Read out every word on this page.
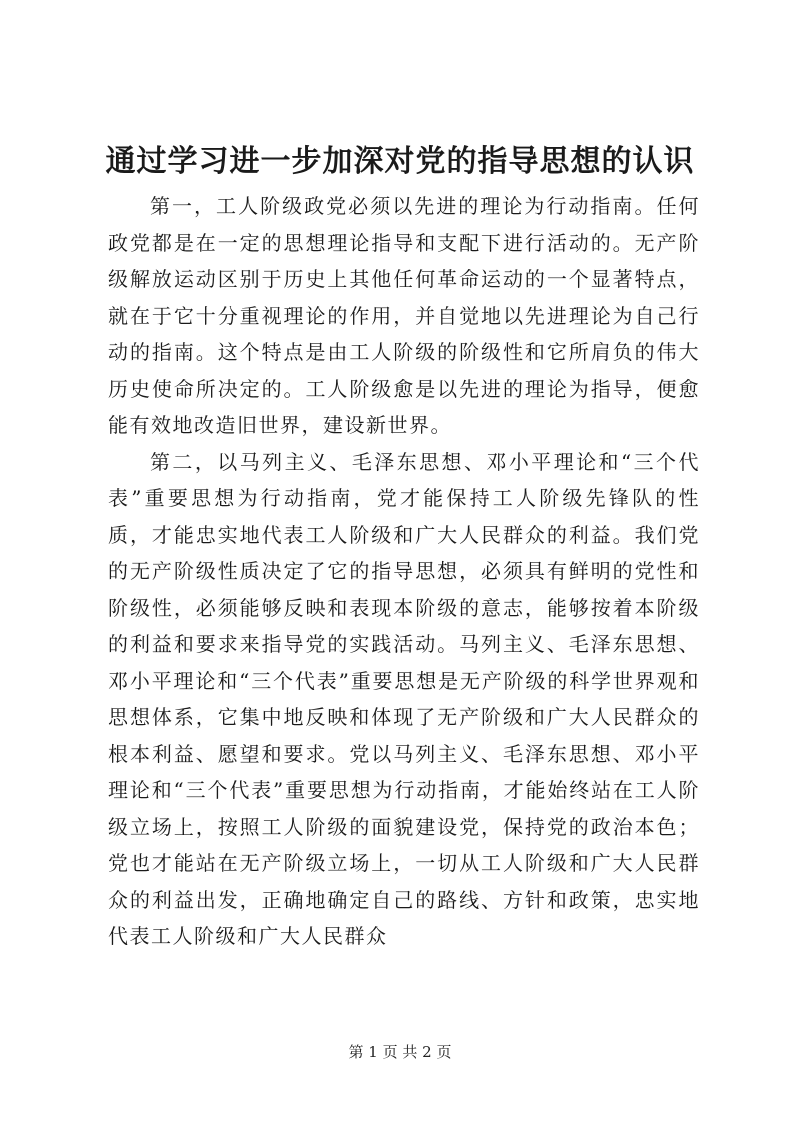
通过学习进一步加深对党的指导思想的认识

第一，工人阶级政党必须以先进的理论为行动指南。任何政党都是在一定的思想理论指导和支配下进行活动的。无产阶级解放运动区别于历史上其他任何革命运动的一个显著特点，就在于它十分重视理论的作用，并自觉地以先进理论为自己行动的指南。这个特点是由工人阶级的阶级性和它所肩负的伟大历史使命所决定的。工人阶级愈是以先进的理论为指导，便愈能有效地改造旧世界，建设新世界。

第二，以马列主义、毛泽东思想、邓小平理论和“三个代表”重要思想为行动指南，党才能保持工人阶级先锋队的性质，才能忠实地代表工人阶级和广大人民群众的利益。我们党的无产阶级性质决定了它的指导思想，必须具有鲜明的党性和阶级性，必须能够反映和表现本阶级的意志，能够按着本阶级的利益和要求来指导党的实践活动。马列主义、毛泽东思想、邓小平理论和“三个代表”重要思想是无产阶级的科学世界观和思想体系，它集中地反映和体现了无产阶级和广大人民群众的根本利益、愿望和要求。党以马列主义、毛泽东思想、邓小平理论和“三个代表”重要思想为行动指南，才能始终站在工人阶级立场上，按照工人阶级的面貌建设党，保持党的政治本色；党也才能站在无产阶级立场上，一切从工人阶级和广大人民群众的利益出发，正确地确定自己的路线、方针和政策，忠实地代表工人阶级和广大人民群众

第 1 页 共 2 页
